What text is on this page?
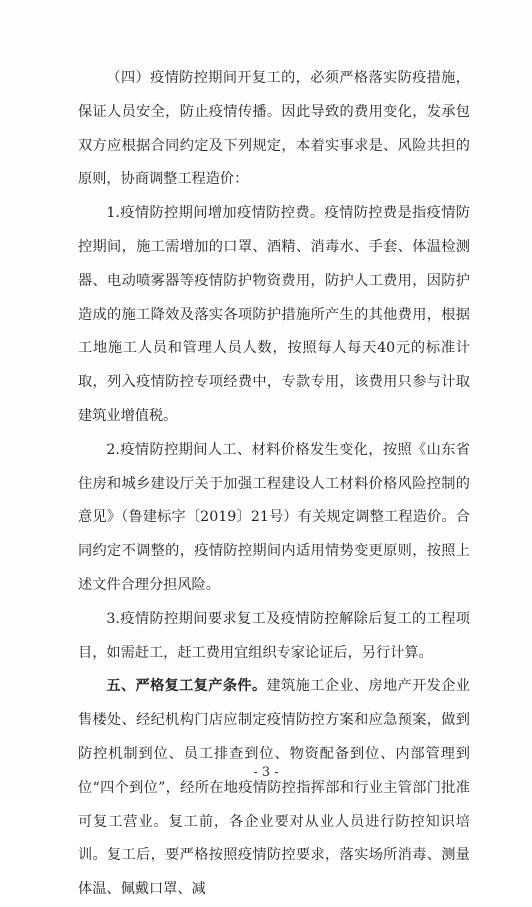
（四）疫情防控期间开复工的，必须严格落实防疫措施，保证人员安全，防止疫情传播。因此导致的费用变化，发承包双方应根据合同约定及下列规定，本着实事求是、风险共担的原则，协商调整工程造价：

1.疫情防控期间增加疫情防控费。疫情防控费是指疫情防控期间，施工需增加的口罩、酒精、消毒水、手套、体温检测器、电动喷雾器等疫情防护物资费用，防护人工费用，因防护造成的施工降效及落实各项防护措施所产生的其他费用，根据工地施工人员和管理人员人数，按照每人每天40元的标准计取，列入疫情防控专项经费中，专款专用，该费用只参与计取建筑业增值税。

2.疫情防控期间人工、材料价格发生变化，按照《山东省住房和城乡建设厅关于加强工程建设人工材料价格风险控制的意见》（鲁建标字〔2019〕21号）有关规定调整工程造价。合同约定不调整的，疫情防控期间内适用情势变更原则，按照上述文件合理分担风险。

3.疫情防控期间要求复工及疫情防控解除后复工的工程项目，如需赶工，赶工费用宜组织专家论证后，另行计算。

五、严格复工复产条件。建筑施工企业、房地产开发企业售楼处、经纪机构门店应制定疫情防控方案和应急预案，做到防控机制到位、员工排查到位、物资配备到位、内部管理到位“四个到位”，经所在地疫情防控指挥部和行业主管部门批准可复工营业。复工前，各企业要对从业人员进行防控知识培训。复工后，要严格按照疫情防控要求，落实场所消毒、测量体温、佩戴口罩、减

- 3 -
